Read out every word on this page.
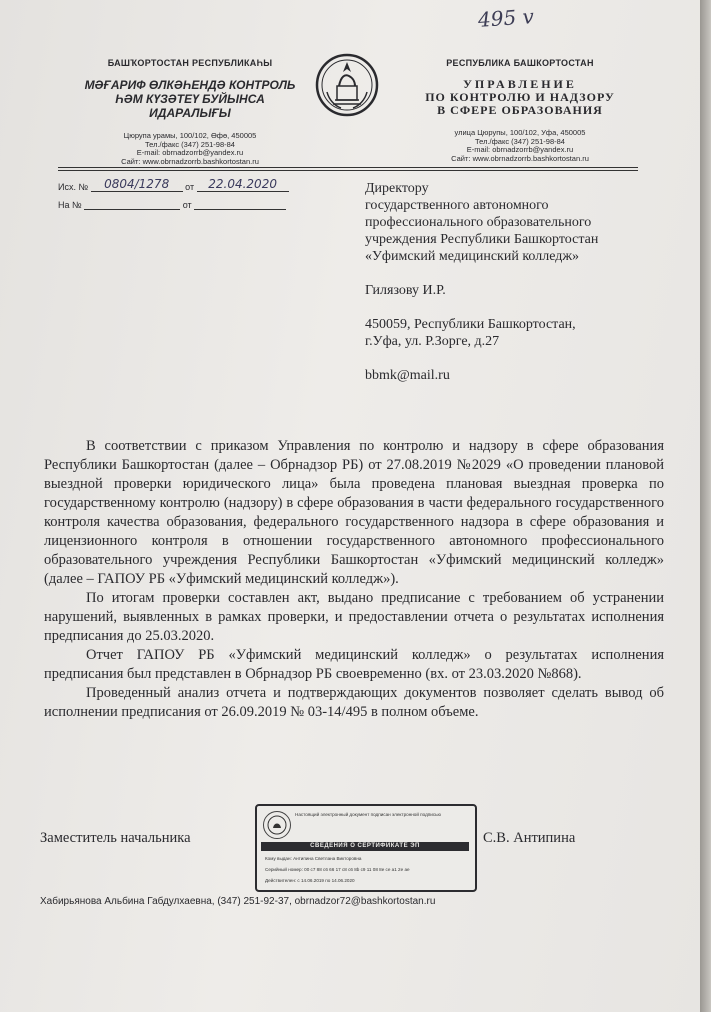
495 v
БАШҠОРТОСТАН РЕСПУБЛИКАҺЫ
МӘҒАРИФ ӨЛКӘҺЕНДӘ КОНТРОЛЬ
ҺӘМ КҮЗӘТЕҮ БУЙЫНСА
ИДАРАЛЫҒЫ
Цюрупа урамы, 100/102, Өфө, 450005
Тел./факс (347) 251-98-84
E-mail: obrnadzorrb@yandex.ru
Сайт: www.obrnadzorrb.bashkortostan.ru
РЕСПУБЛИКА БАШКОРТОСТАН
УПРАВЛЕНИЕ
ПО КОНТРОЛЮ И НАДЗОРУ
В СФЕРЕ ОБРАЗОВАНИЯ
улица Цюрупы, 100/102, Уфа, 450005
Тел./факс (347) 251-98-84
E-mail: obrnadzorrb@yandex.ru
Сайт: www.obrnadzorrb.bashkortostan.ru
Исх. № 0804/1278 от 22.04.2020
На №	от

Директору

государственного автономного

профессионального образовательного

учреждения Республики Башкортостан

«Уфимский медицинский колледж»

Гилязову И.Р.

450059, Республики Башкортостан,

г.Уфа, ул. Р.Зорге, д.27

bbmk@mail.ru

В соответствии с приказом Управления по контролю и надзору в сфере образования Республики Башкортостан (далее – Обрнадзор РБ) от 27.08.2019 №2029 «О проведении плановой выездной проверки юридического лица» была проведена плановая выездная проверка по государственному контролю (надзору) в сфере образования в части федерального государственного контроля качества образования, федерального государственного надзора в сфере образования и лицензионного контроля в отношении государственного автономного профессионального образовательного учреждения Республики Башкортостан «Уфимский медицинский колледж» (далее – ГАПОУ РБ «Уфимский медицинский колледж»).

По итогам проверки составлен акт, выдано предписание с требованием об устранении нарушений, выявленных в рамках проверки, и предоставлении отчета о результатах исполнения предписания до 25.03.2020.

Отчет ГАПОУ РБ «Уфимский медицинский колледж» о результатах исполнения предписания был представлен в Обрнадзор РБ своевременно (вх. от 23.03.2020 №868).

Проведенный анализ отчета и подтверждающих документов позволяет сделать вывод об исполнении предписания от 26.09.2019 № 03-14/495 в полном объеме.

Заместитель начальника	С.В. Антипина
Настоящий электронный документ подписан электронной подписью
СВЕДЕНИЯ О СЕРТИФИКАТЕ ЭП
Кому выдан: Антипина Светлана Викторовна
Серийный номер: 00 c7 88 c6 66 17 c8 c6 8b c9 11 08 8e ce a1 2e ae
Действителен: с 14.06.2019 по 14.06.2020
Хабирьянова Альбина Габдулхаевна, (347) 251-92-37, obrnadzor72@bashkortostan.ru
